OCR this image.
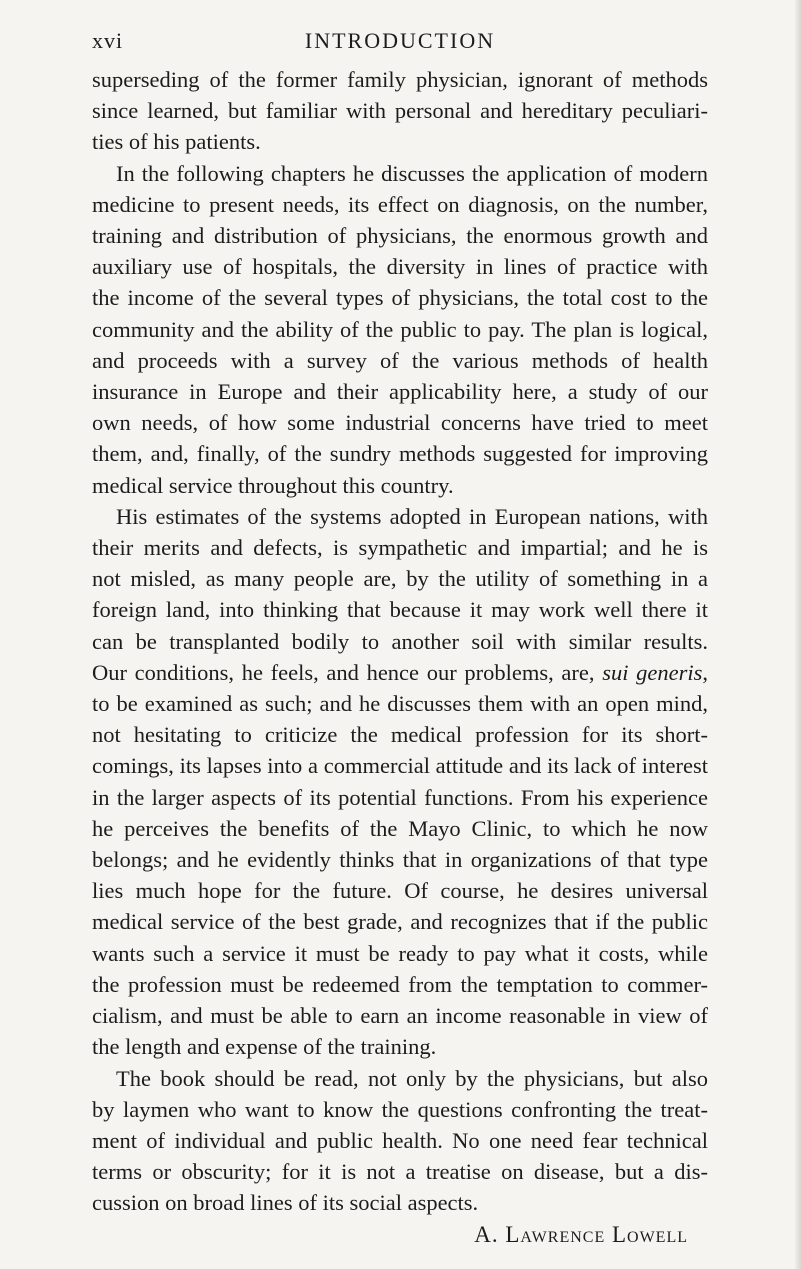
xvi	INTRODUCTION
superseding of the former family physician, ignorant of methods
since learned, but familiar with personal and hereditary peculiari-
ties of his patients.
In the following chapters he discusses the application of modern
medicine to present needs, its effect on diagnosis, on the number,
training and distribution of physicians, the enormous growth and
auxiliary use of hospitals, the diversity in lines of practice with
the income of the several types of physicians, the total cost to the
community and the ability of the public to pay. The plan is logical,
and proceeds with a survey of the various methods of health
insurance in Europe and their applicability here, a study of our
own needs, of how some industrial concerns have tried to meet
them, and, finally, of the sundry methods suggested for improving
medical service throughout this country.
His estimates of the systems adopted in European nations, with
their merits and defects, is sympathetic and impartial; and he is
not misled, as many people are, by the utility of something in a
foreign land, into thinking that because it may work well there it
can be transplanted bodily to another soil with similar results.
Our conditions, he feels, and hence our problems, are, sui generis,
to be examined as such; and he discusses them with an open mind,
not hesitating to criticize the medical profession for its short-
comings, its lapses into a commercial attitude and its lack of interest
in the larger aspects of its potential functions. From his experience
he perceives the benefits of the Mayo Clinic, to which he now
belongs; and he evidently thinks that in organizations of that type
lies much hope for the future. Of course, he desires universal
medical service of the best grade, and recognizes that if the public
wants such a service it must be ready to pay what it costs, while
the profession must be redeemed from the temptation to commer-
cialism, and must be able to earn an income reasonable in view of
the length and expense of the training.
The book should be read, not only by the physicians, but also
by laymen who want to know the questions confronting the treat-
ment of individual and public health. No one need fear technical
terms or obscurity; for it is not a treatise on disease, but a dis-
cussion on broad lines of its social aspects.
A. Lawrence Lowell
